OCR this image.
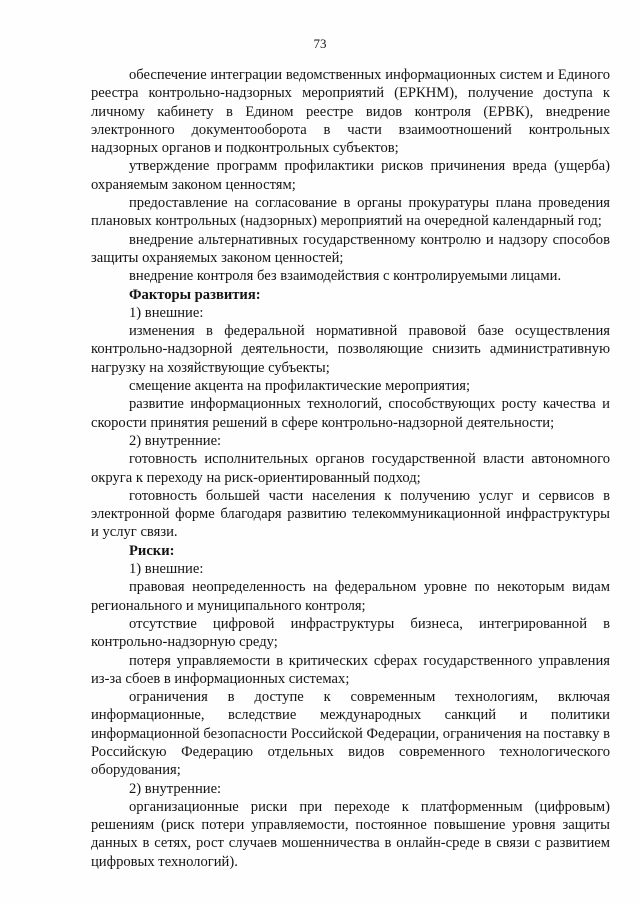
73
обеспечение интеграции ведомственных информационных систем и Единого реестра контрольно-надзорных мероприятий (ЕРКНМ), получение доступа к личному кабинету в Едином реестре видов контроля (ЕРВК), внедрение электронного документооборота в части взаимоотношений контрольных надзорных органов и подконтрольных субъектов;
утверждение программ профилактики рисков причинения вреда (ущерба) охраняемым законом ценностям;
предоставление на согласование в органы прокуратуры плана проведения плановых контрольных (надзорных) мероприятий на очередной календарный год;
внедрение альтернативных государственному контролю и надзору способов защиты охраняемых законом ценностей;
внедрение контроля без взаимодействия с контролируемыми лицами.
Факторы развития:
1) внешние:
изменения в федеральной нормативной правовой базе осуществления контрольно-надзорной деятельности, позволяющие снизить административную нагрузку на хозяйствующие субъекты;
смещение акцента на профилактические мероприятия;
развитие информационных технологий, способствующих росту качества и скорости принятия решений в сфере контрольно-надзорной деятельности;
2) внутренние:
готовность исполнительных органов государственной власти автономного округа к переходу на риск-ориентированный подход;
готовность большей части населения к получению услуг и сервисов в электронной форме благодаря развитию телекоммуникационной инфраструктуры и услуг связи.
Риски:
1) внешние:
правовая неопределенность на федеральном уровне по некоторым видам регионального и муниципального контроля;
отсутствие цифровой инфраструктуры бизнеса, интегрированной в контрольно-надзорную среду;
потеря управляемости в критических сферах государственного управления из-за сбоев в информационных системах;
ограничения в доступе к современным технологиям, включая информационные, вследствие международных санкций и политики информационной безопасности Российской Федерации, ограничения на поставку в Российскую Федерацию отдельных видов современного технологического оборудования;
2) внутренние:
организационные риски при переходе к платформенным (цифровым) решениям (риск потери управляемости, постоянное повышение уровня защиты данных в сетях, рост случаев мошенничества в онлайн-среде в связи с развитием цифровых технологий).
